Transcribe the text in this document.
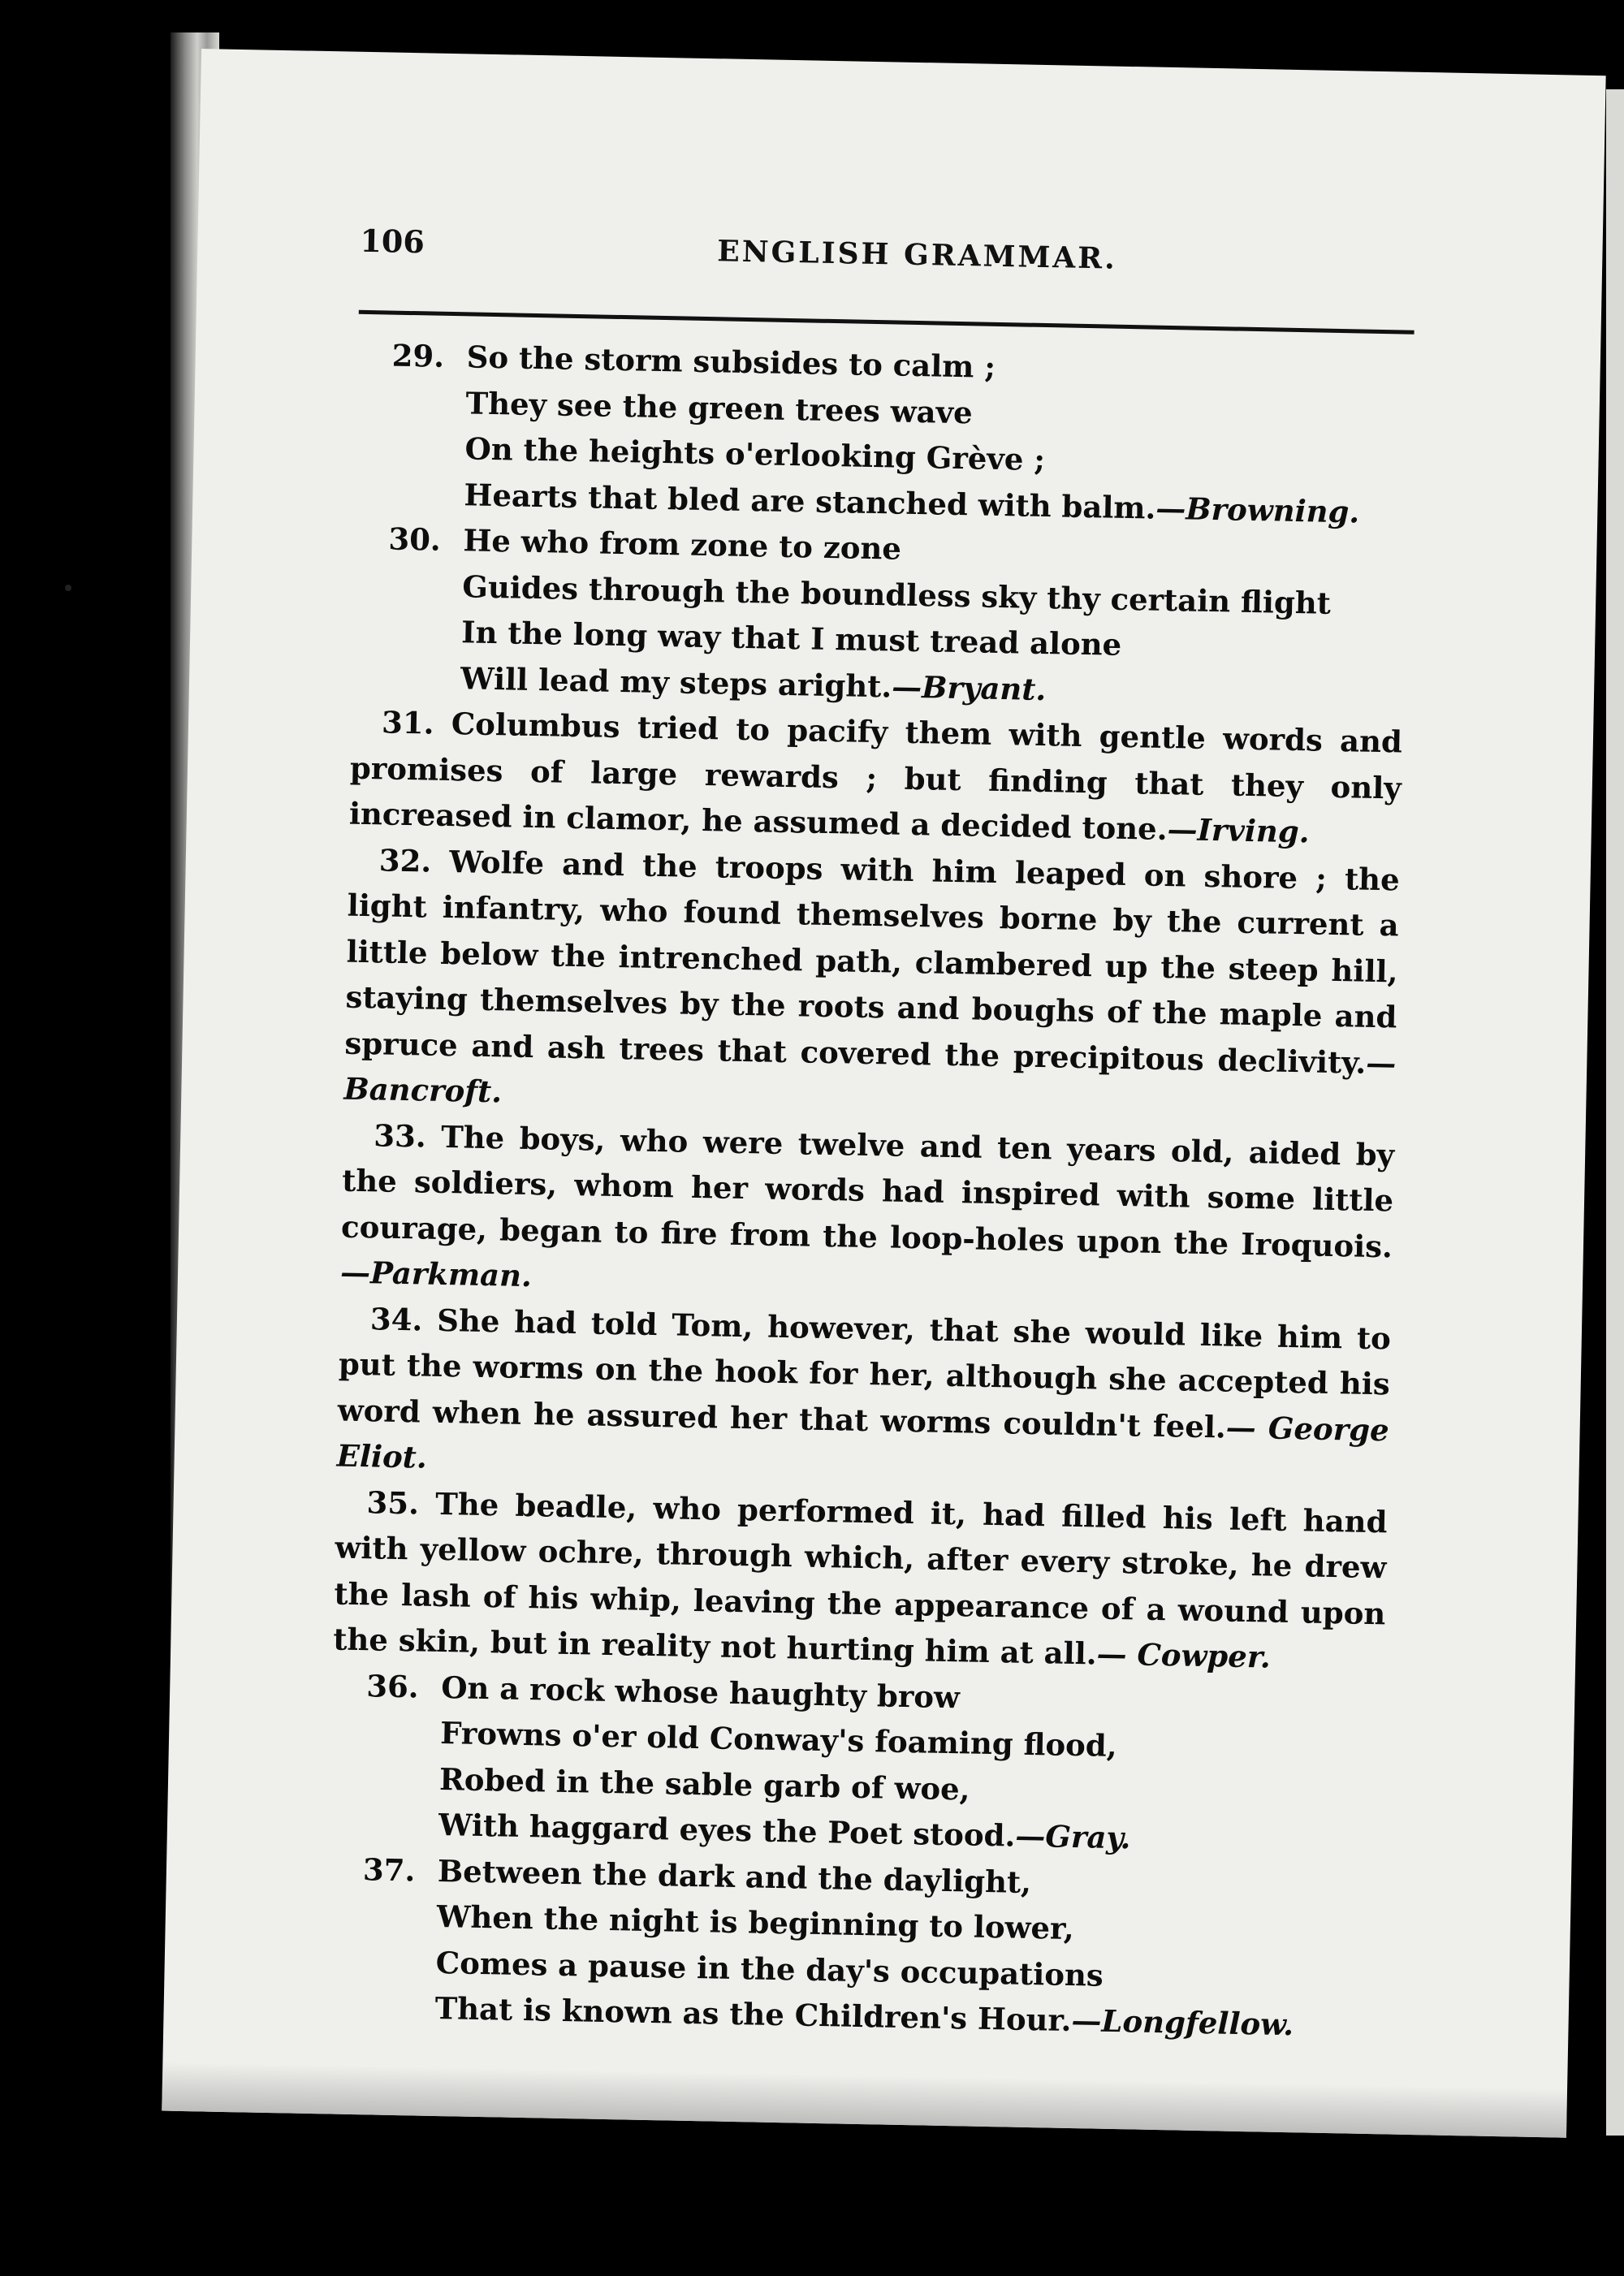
106	ENGLISH GRAMMAR.
29. So the storm subsides to calm ;
They see the green trees wave
On the heights o'erlooking Grève ;
Hearts that bled are stanched with balm.—Browning.
30. He who from zone to zone
Guides through the boundless sky thy certain flight
In the long way that I must tread alone
Will lead my steps aright.—Bryant.

31. Columbus tried to pacify them with gentle words and promises of large rewards ; but finding that they only increased in clamor, he assumed a decided tone.—Irving.

32. Wolfe and the troops with him leaped on shore ; the light infantry, who found themselves borne by the current a little below the intrenched path, clambered up the steep hill, staying themselves by the roots and boughs of the maple and spruce and ash trees that covered the precipitous declivity.—Bancroft.

33. The boys, who were twelve and ten years old, aided by the soldiers, whom her words had inspired with some little courage, began to fire from the loop-holes upon the Iroquois.—Parkman.

34. She had told Tom, however, that she would like him to put the worms on the hook for her, although she accepted his word when he assured her that worms couldn't feel.— George Eliot.

35. The beadle, who performed it, had filled his left hand with yellow ochre, through which, after every stroke, he drew the lash of his whip, leaving the appearance of a wound upon the skin, but in reality not hurting him at all.— Cowper.

36. On a rock whose haughty brow
Frowns o'er old Conway's foaming flood,
Robed in the sable garb of woe,
With haggard eyes the Poet stood.—Gray.
37. Between the dark and the daylight,
When the night is beginning to lower,
Comes a pause in the day's occupations
That is known as the Children's Hour.—Longfellow.
